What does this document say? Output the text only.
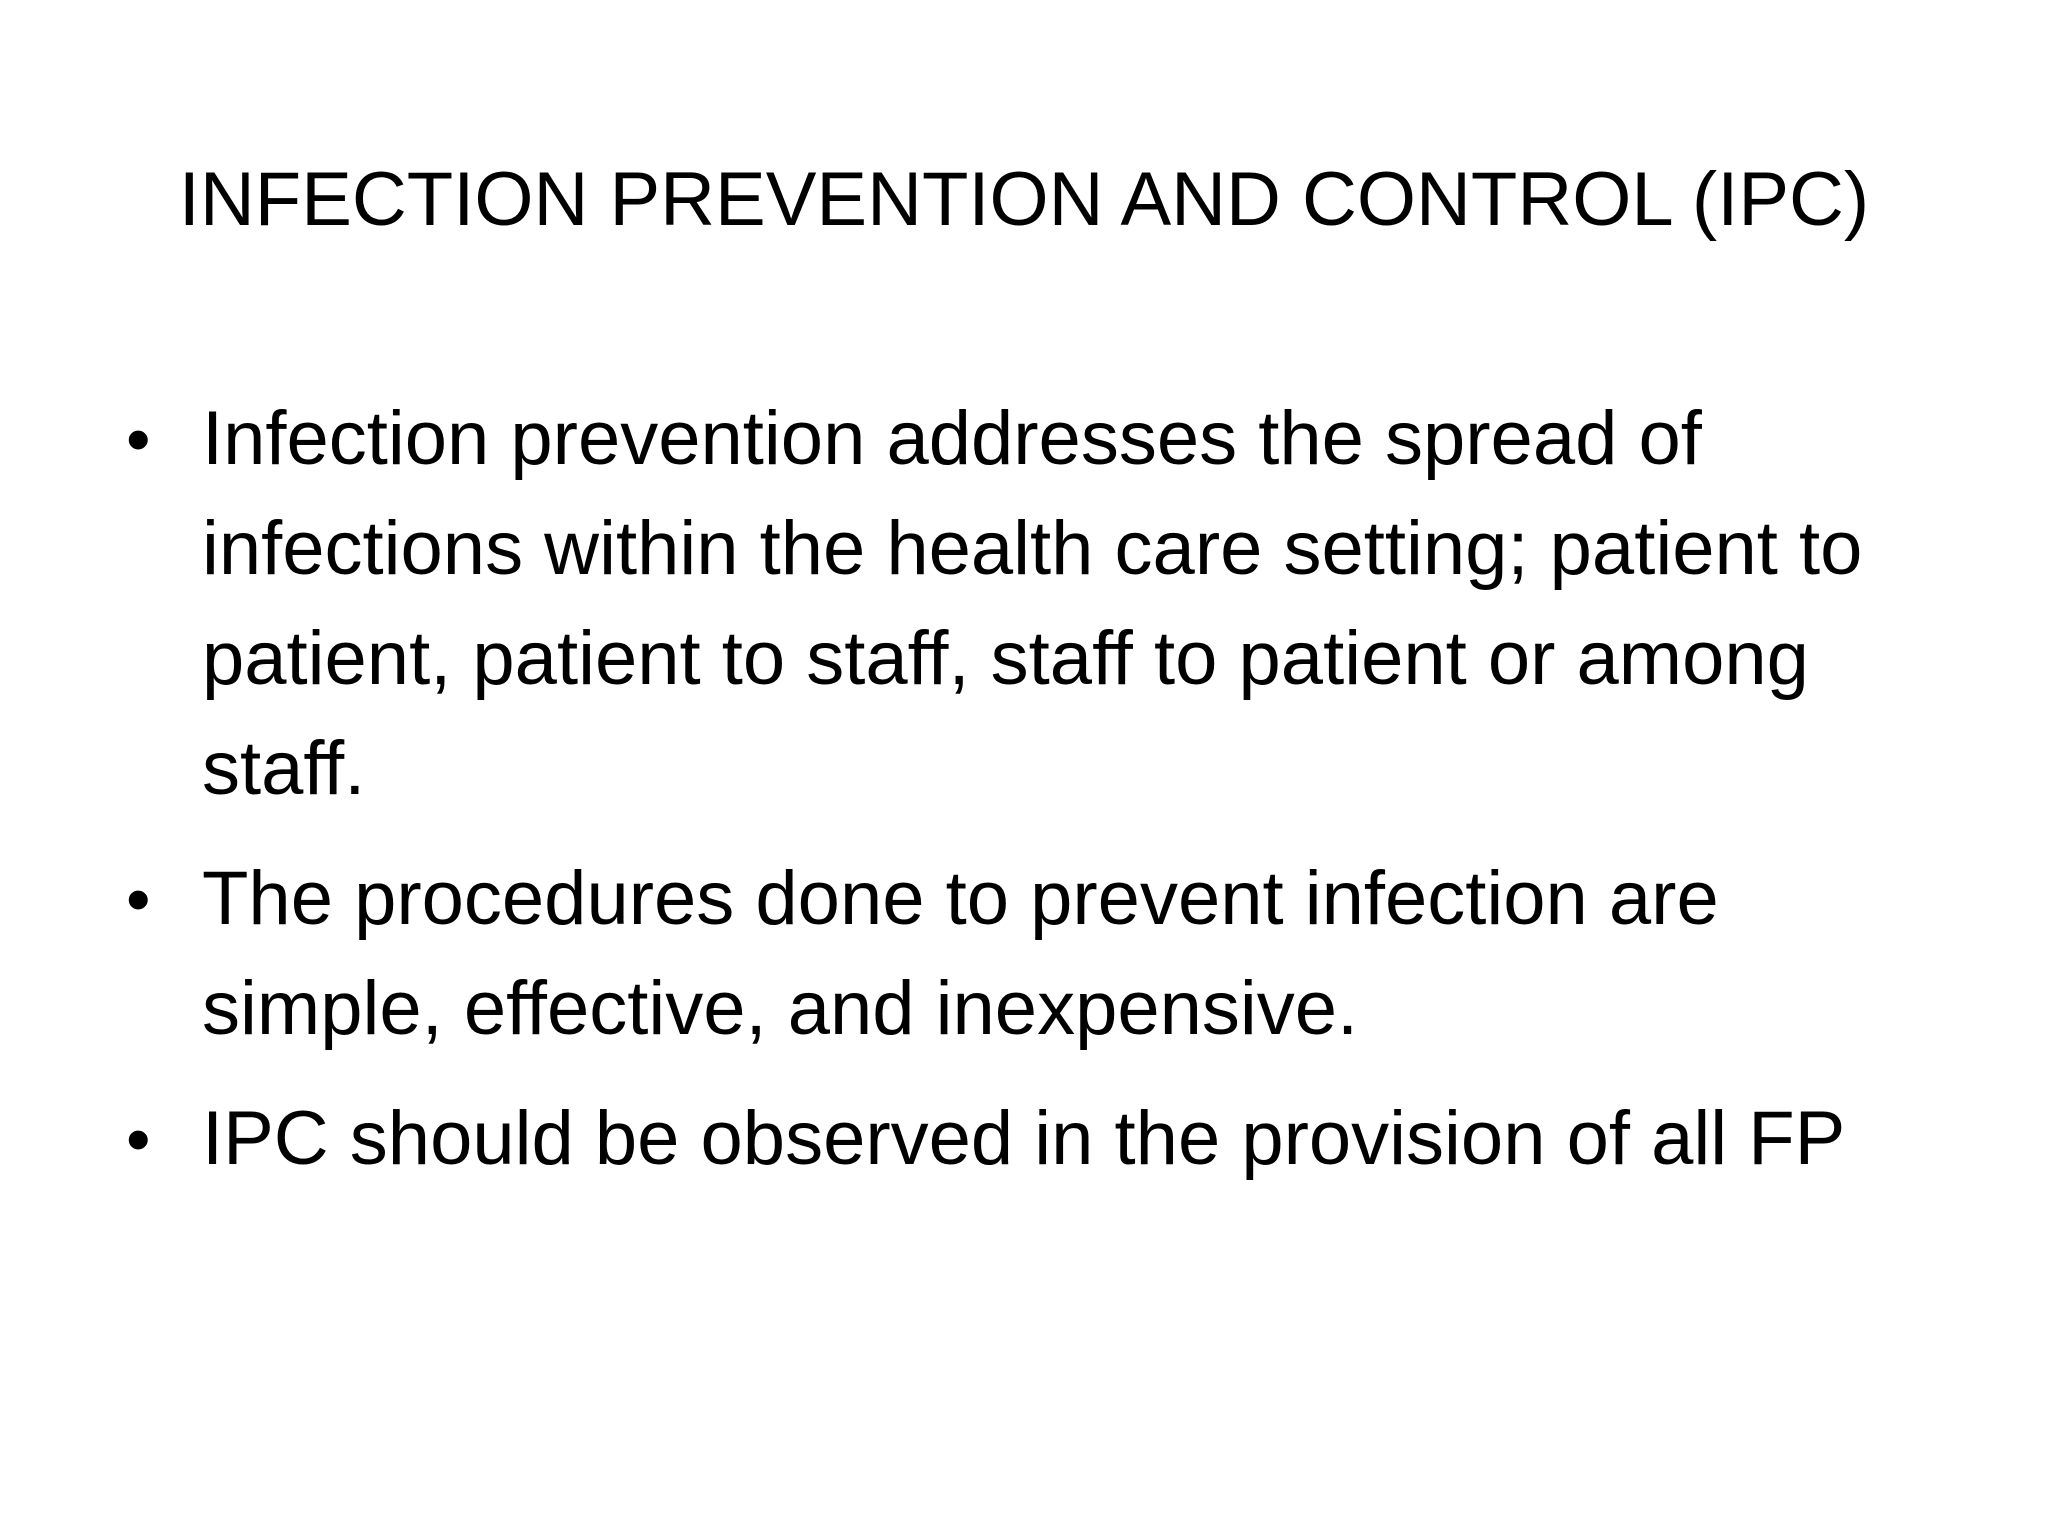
INFECTION PREVENTION AND CONTROL (IPC)
• Infection prevention addresses the spread of infections within the health care setting; patient to patient, patient to staff, staff to patient or among staff.
• The procedures done to prevent infection are simple, effective, and inexpensive.
• IPC should be observed in the provision of all FP
